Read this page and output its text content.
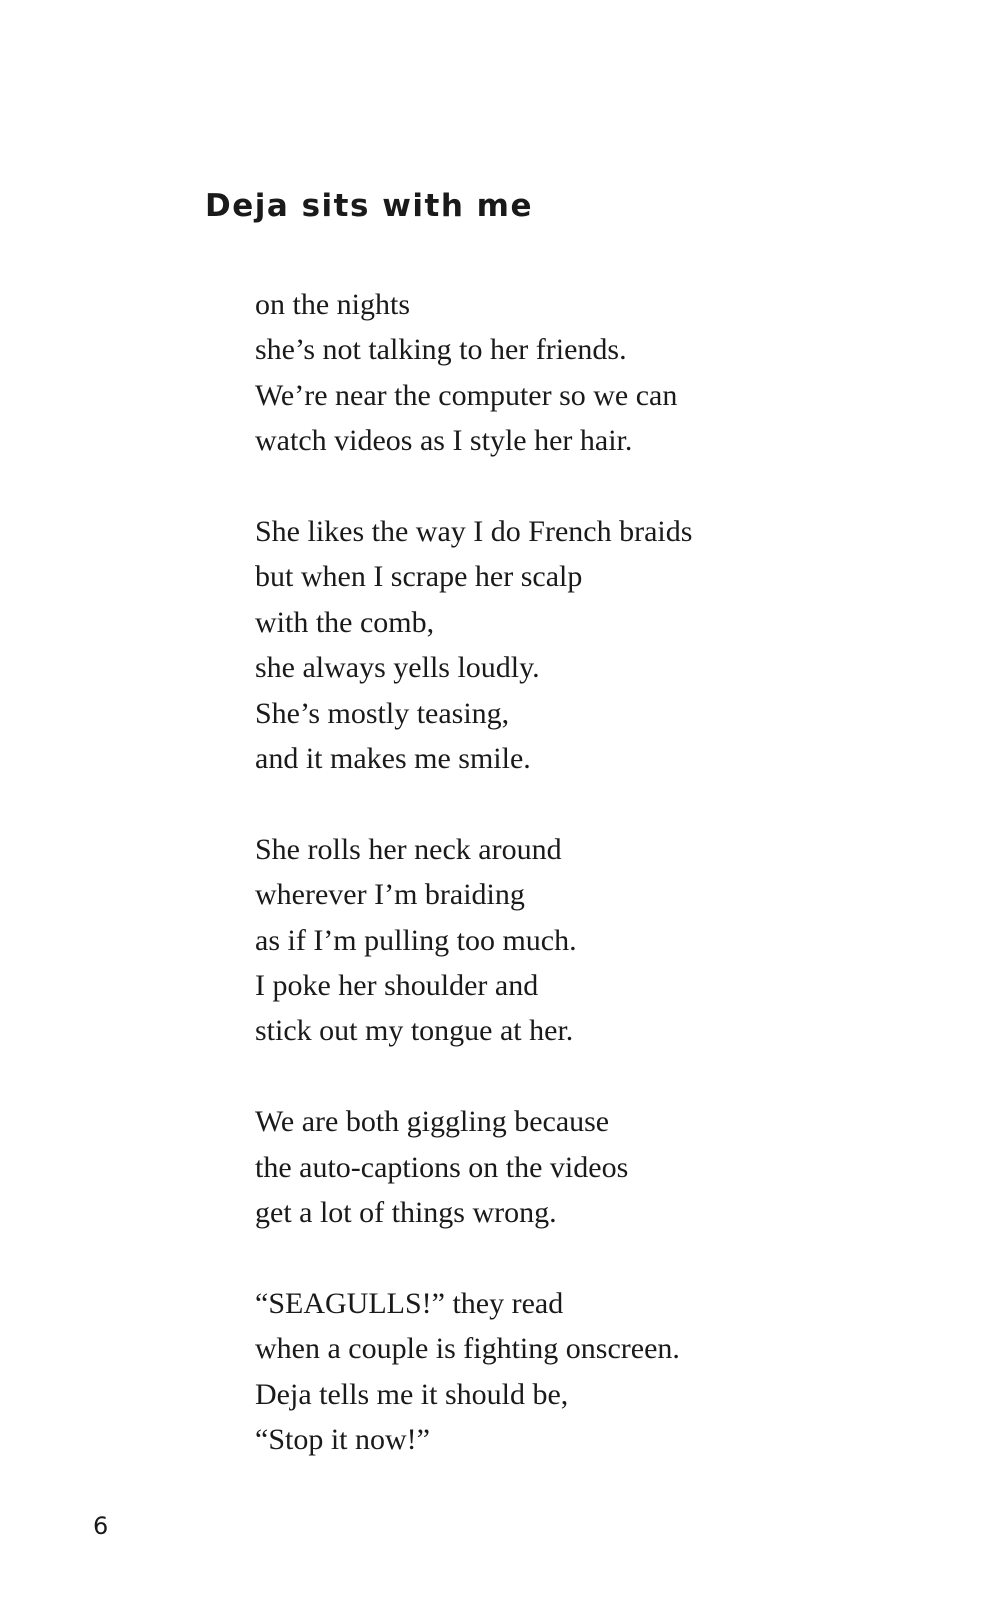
Deja sits with me
on the nights
she’s not talking to her friends.
We’re near the computer so we can
watch videos as I style her hair.
She likes the way I do French braids
but when I scrape her scalp
with the comb,
she always yells loudly.
She’s mostly teasing,
and it makes me smile.
She rolls her neck around
wherever I’m braiding
as if I’m pulling too much.
I poke her shoulder and
stick out my tongue at her.
We are both giggling because
the auto-captions on the videos
get a lot of things wrong.
“SEAGULLS!” they read
when a couple is fighting onscreen.
Deja tells me it should be,
“Stop it now!”
6
